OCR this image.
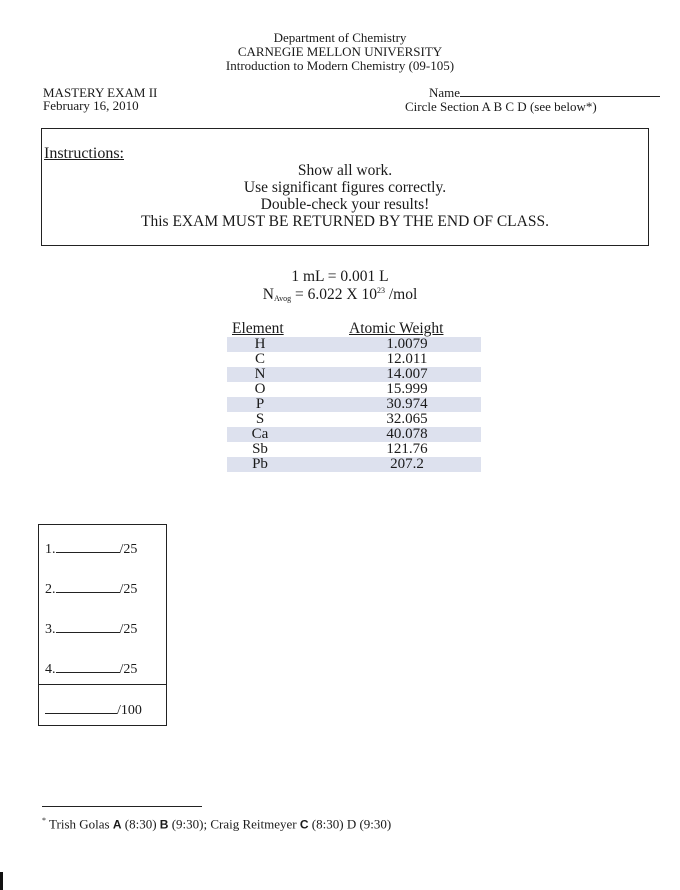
Department of Chemistry
CARNEGIE MELLON UNIVERSITY
Introduction to Modern Chemistry (09-105)
MASTERY EXAM II
February 16, 2010
Name
Circle Section A B C D (see below*)
Instructions:
Show all work.
Use significant figures correctly.
Double-check your results!
This EXAM MUST BE RETURNED BY THE END OF CLASS.
1 mL = 0.001 L
$N_{Avog} = 6.022$ X $10^{23}$ /mol
Element	Atomic Weight
H	1.0079
C	12.011
N	14.007
O	15.999
P	30.974
S	32.065
Ca	40.078
Sb	121.76
Pb	207.2
1.	/25
2.	/25
3.	/25
4.	/25
/100
* Trish Golas A (8:30) B (9:30); Craig Reitmeyer C (8:30) D (9:30)
